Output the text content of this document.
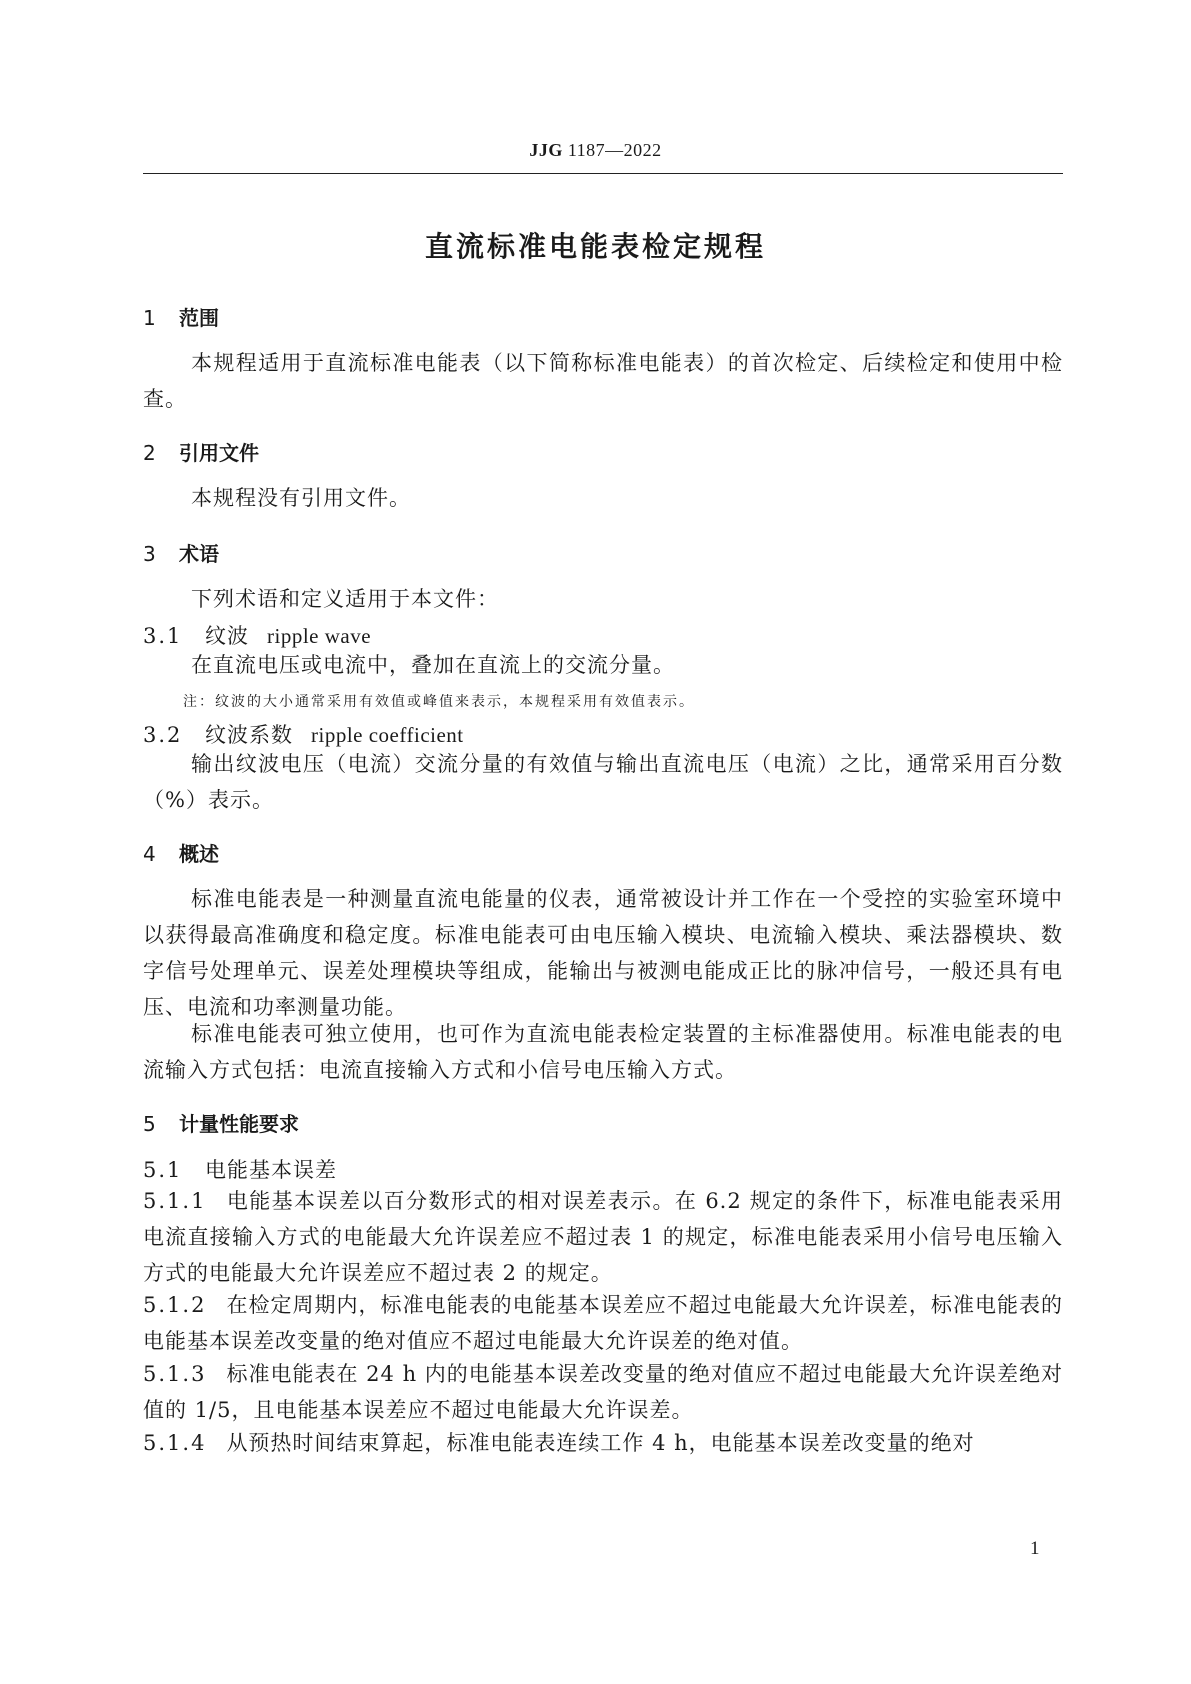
JJG 1187—2022
直流标准电能表检定规程
1 范围
本规程适用于直流标准电能表（以下简称标准电能表）的首次检定、后续检定和使用中检查。
2 引用文件
本规程没有引用文件。
3 术语
下列术语和定义适用于本文件：
3.1 纹波 ripple wave
在直流电压或电流中，叠加在直流上的交流分量。
注：纹波的大小通常采用有效值或峰值来表示，本规程采用有效值表示。
3.2 纹波系数 ripple coefficient
输出纹波电压（电流）交流分量的有效值与输出直流电压（电流）之比，通常采用百分数（%）表示。
4 概述
标准电能表是一种测量直流电能量的仪表，通常被设计并工作在一个受控的实验室环境中以获得最高准确度和稳定度。标准电能表可由电压输入模块、电流输入模块、乘法器模块、数字信号处理单元、误差处理模块等组成，能输出与被测电能成正比的脉冲信号，一般还具有电压、电流和功率测量功能。
标准电能表可独立使用，也可作为直流电能表检定装置的主标准器使用。标准电能表的电流输入方式包括：电流直接输入方式和小信号电压输入方式。
5 计量性能要求
5.1 电能基本误差
5.1.1 电能基本误差以百分数形式的相对误差表示。在 6.2 规定的条件下，标准电能表采用电流直接输入方式的电能最大允许误差应不超过表 1 的规定，标准电能表采用小信号电压输入方式的电能最大允许误差应不超过表 2 的规定。
5.1.2 在检定周期内，标准电能表的电能基本误差应不超过电能最大允许误差，标准电能表的电能基本误差改变量的绝对值应不超过电能最大允许误差的绝对值。
5.1.3 标准电能表在 24 h 内的电能基本误差改变量的绝对值应不超过电能最大允许误差绝对值的 1/5，且电能基本误差应不超过电能最大允许误差。
5.1.4 从预热时间结束算起，标准电能表连续工作 4 h，电能基本误差改变量的绝对
1
